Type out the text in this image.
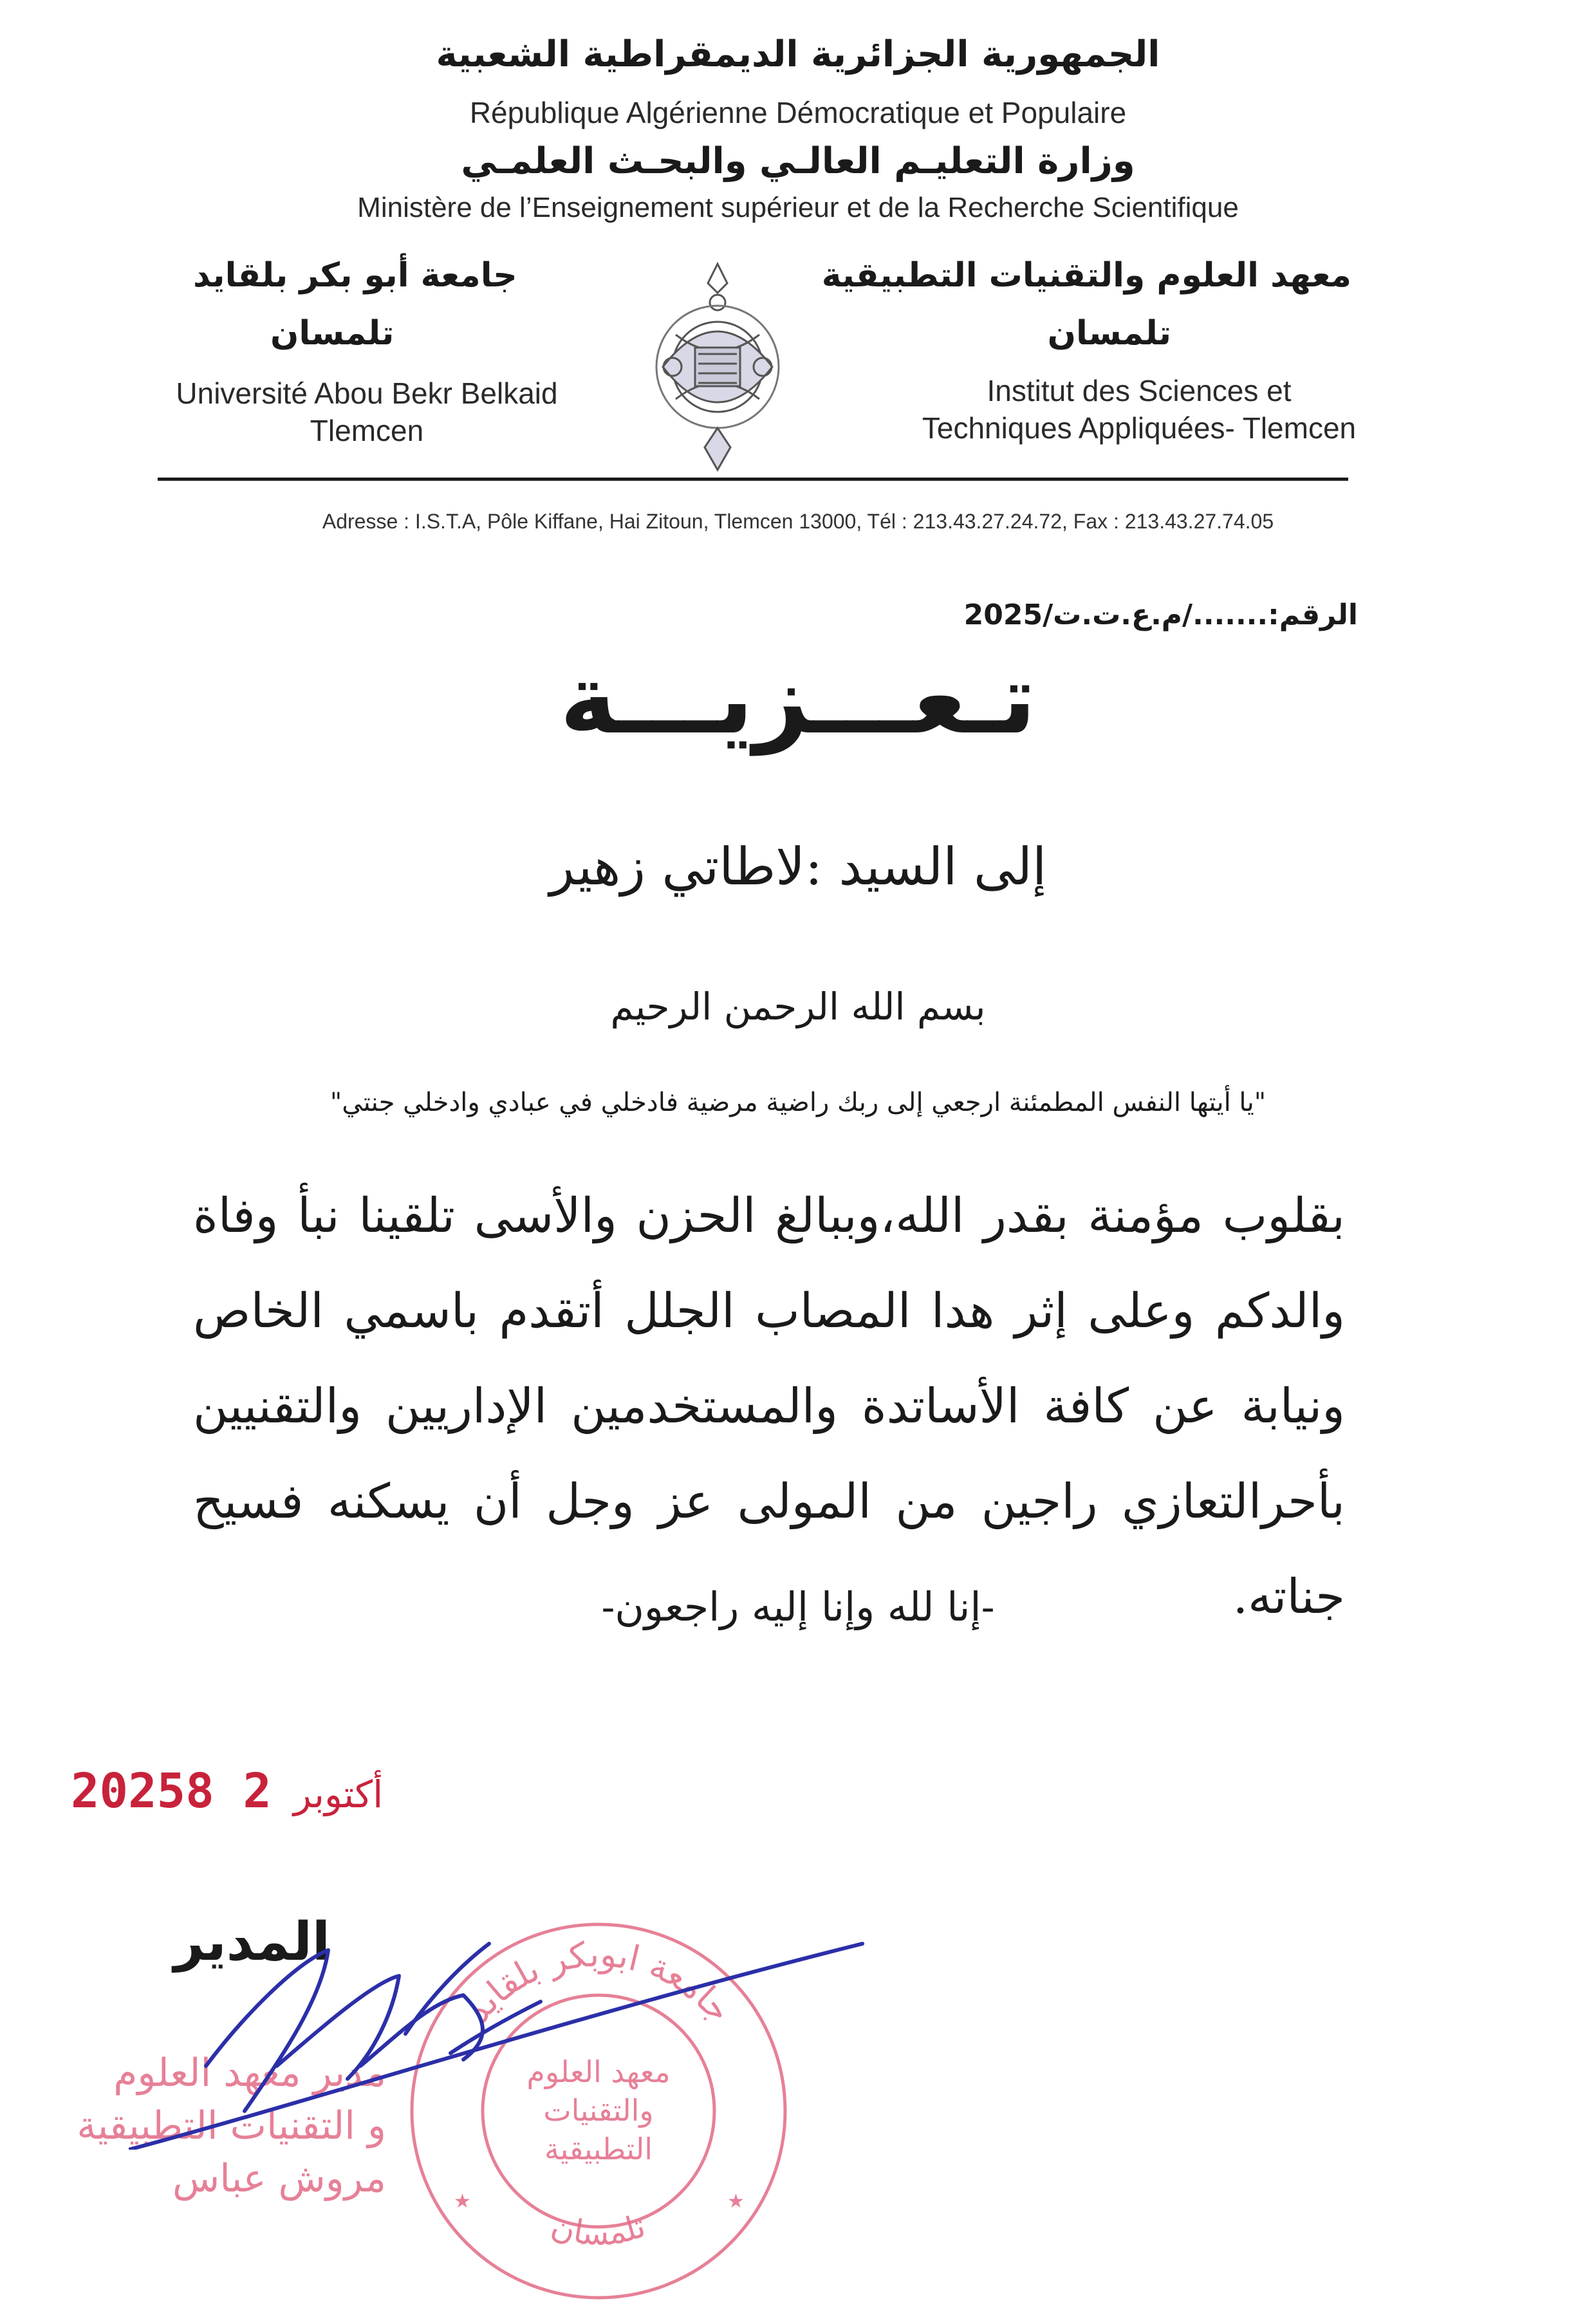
الجمهورية الجزائرية الديمقراطية الشعبية
République Algérienne Démocratique et Populaire
وزارة التعليـم العالـي والبحـث العلمـي
Ministère de l’Enseignement supérieur et de la Recherche Scientifique
معهد العلوم والتقنيات التطبيقية
تلمسان
Institut des Sciences et Techniques Appliquées- Tlemcen
جامعة أبو بكر بلقايد
تلمسان
Université Abou Bekr Belkaid Tlemcen
Adresse : I.S.T.A, Pôle Kiffane, Hai Zitoun, Tlemcen 13000, Tél : 213.43.27.24.72, Fax : 213.43.27.74.05
الرقم:......./م.ع.ت.ت/2025
تـعـــزيـــة
إلى السيد :لاطاتي زهير
بسم الله الرحمن الرحيم
"يا أيتها النفس المطمئنة ارجعي إلى ربك راضية مرضية فادخلي في عبادي وادخلي جنتي"
بقلوب مؤمنة بقدر الله،وببالغ الحزن والأسى تلقينا نبأ وفاة والدكم وعلى إثر هدا المصاب الجلل أتقدم باسمي الخاص ونيابة عن كافة الأساتدة والمستخدمين الإداريين والتقنيين بأحرالتعازي راجين من المولى عز وجل أن يسكنه فسيح جناته.
-إنا لله وإنا إليه راجعون-
2025	أكتوبر2 8
المدير
مدير معهد العلوم
و التقنيات التطبيقية
مروش عباس
جامعة ابوبكر بلقايد
معهد العلوم
والتقنيات
التطبيقية
تلمسان
★	★
